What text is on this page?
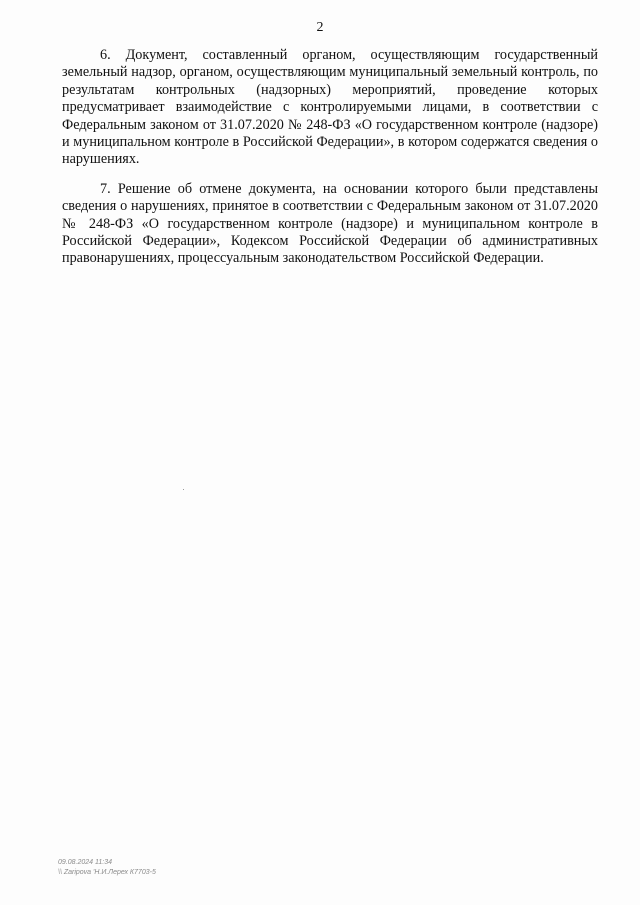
2

6. Документ, составленный органом, осуществляющим государственный земельный надзор, органом, осуществляющим муниципальный земельный контроль, по результатам контрольных (надзорных) мероприятий, проведение которых предусматривает взаимодействие с контролируемыми лицами, в соответствии с Федеральным законом от 31.07.2020 № 248-ФЗ «О государственном контроле (надзоре) и муниципальном контроле в Российской Федерации», в котором содержатся сведения о нарушениях.

7. Решение об отмене документа, на основании которого были представлены сведения о нарушениях, принятое в соответствии с Федеральным законом от 31.07.2020 № 248-ФЗ «О государственном контроле (надзоре) и муниципальном контроле в Российской Федерации», Кодексом Российской Федерации об административных правонарушениях, процессуальным законодательством Российской Федерации.

09.08.2024 11:34
\\ Zaripova 'Н.И.Лерех К7703-5
